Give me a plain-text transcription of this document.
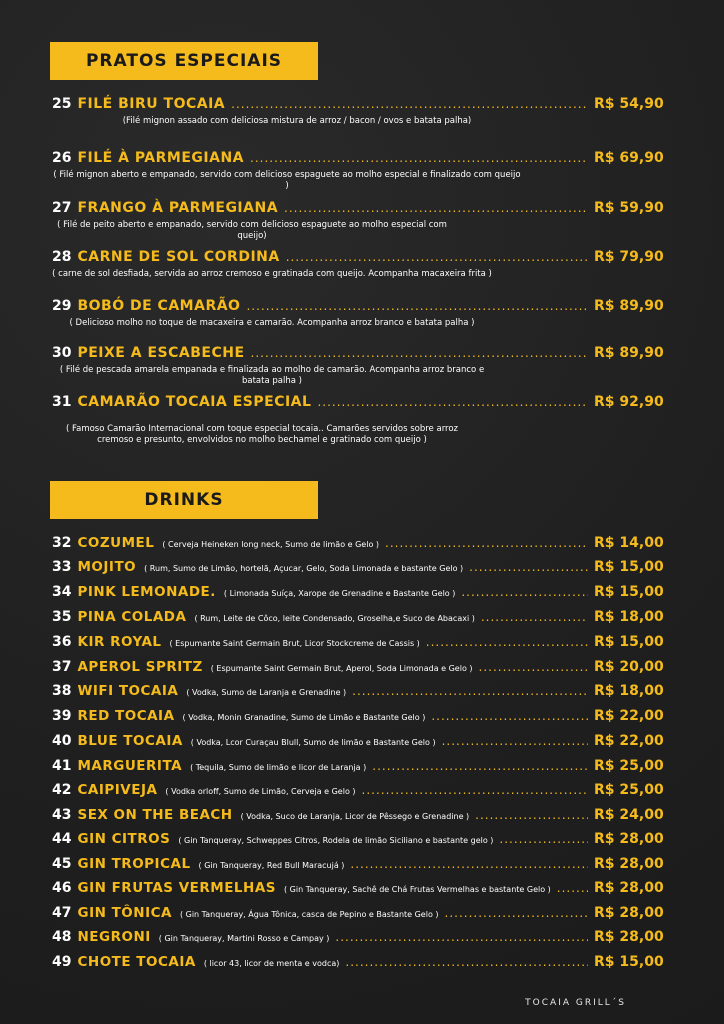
PRATOS ESPECIAIS
25 FILÉ BIRU TOCAIA .....	R$ 54,90
(Filé mignon assado com deliciosa mistura de arroz / bacon / ovos e batata palha)
26 FILÉ À PARMEGIANA .....	R$ 69,90
( Filé mignon aberto e empanado, servido com delicioso espaguete ao molho especial e finalizado com queijo )
27 FRANGO À PARMEGIANA .....	R$ 59,90
( Filé de peito aberto e empanado, servido com delicioso espaguete ao molho especial com queijo)
28 CARNE DE SOL CORDINA .....	R$ 79,90
( carne de sol desfiada, servida ao arroz cremoso e gratinada com queijo. Acompanha macaxeira frita )
29 BOBÓ DE CAMARÃO .....	R$ 89,90
( Delicioso molho no toque de macaxeira e camarão. Acompanha arroz branco e batata palha )
30 PEIXE A ESCABECHE .....	R$ 89,90
( Filé de pescada amarela empanada e finalizada ao molho de camarão. Acompanha arroz branco e batata palha )
31 CAMARÃO TOCAIA ESPECIAL .....	R$ 92,90
( Famoso Camarão Internacional com toque especial tocaia.. Camarões servidos sobre arroz cremoso e presunto, envolvidos no molho bechamel e gratinado com queijo )
DRINKS
32 COZUMEL ( Cerveja Heineken long neck, Sumo de limão e Gelo ) .....	R$ 14,00
33 MOJITO ( Rum, Sumo de Limão, hortelã, Açucar, Gelo, Soda Limonada e bastante Gelo ) .....	R$ 15,00
34 PINK LEMONADE. ( Limonada Suíça, Xarope de Grenadine e Bastante Gelo ) .....	R$ 15,00
35 PINA COLADA ( Rum, Leite de Côco, leite Condensado, Groselha,e Suco de Abacaxi ) .....	R$ 18,00
36 KIR ROYAL ( Espumante Saint Germain Brut, Licor Stockcreme de Cassis ) .....	R$ 15,00
37 APEROL SPRITZ ( Espumante Saint Germain Brut, Aperol, Soda Limonada e Gelo ) .....	R$ 20,00
38 WIFI TOCAIA ( Vodka, Sumo de Laranja e Grenadine ) .....	R$ 18,00
39 RED TOCAIA ( Vodka, Monin Granadine, Sumo de Limão e Bastante Gelo ) .....	R$ 22,00
40 BLUE TOCAIA ( Vodka, Lcor Curaçau Blull, Sumo de limão e Bastante Gelo ) .....	R$ 22,00
41 MARGUERITA ( Tequila, Sumo de limão e licor de Laranja ) .....	R$ 25,00
42 CAIPIVEJA ( Vodka orloff, Sumo de Limão, Cerveja e Gelo ) .....	R$ 25,00
43 SEX ON THE BEACH ( Vodka, Suco de Laranja, Licor de Pêssego e Grenadine ) .....	R$ 24,00
44 GIN CITROS ( Gin Tanqueray, Schweppes Citros, Rodela de limão Siciliano e bastante gelo ) .....	R$ 28,00
45 GIN TROPICAL ( Gin Tanqueray, Red Bull Maracujá ) .....	R$ 28,00
46 GIN FRUTAS VERMELHAS ( Gin Tanqueray, Sachê de Chá Frutas Vermelhas e bastante Gelo ) .....	R$ 28,00
47 GIN TÔNICA ( Gin Tanqueray, Água Tônica, casca de Pepino e Bastante Gelo ) .....	R$ 28,00
48 NEGRONI ( Gin Tanqueray, Martini Rosso e Campay ) .....	R$ 28,00
49 CHOTE TOCAIA ( licor 43, licor de menta e vodca) .....	R$ 15,00
TOCAIA GRILL´S
